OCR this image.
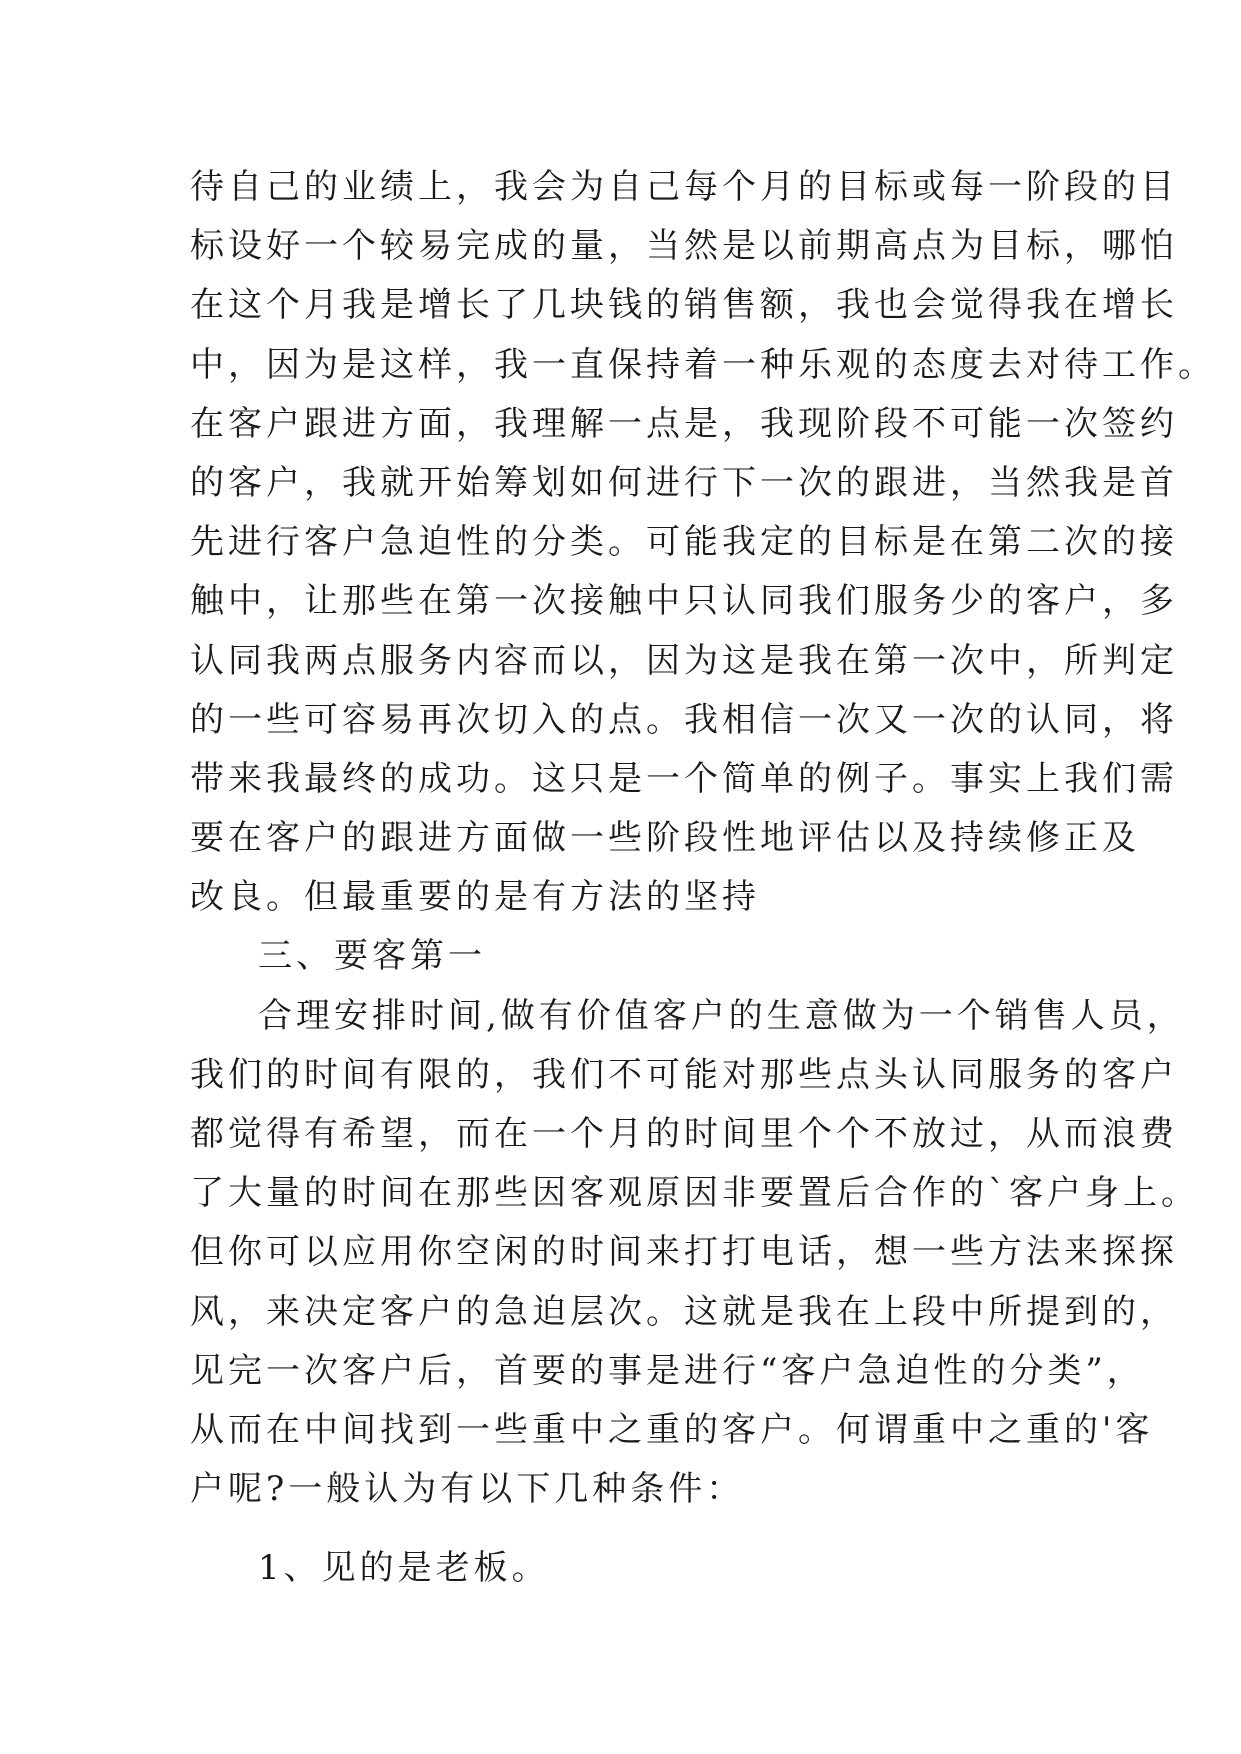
待自己的业绩上，我会为自己每个月的目标或每一阶段的目
标设好一个较易完成的量，当然是以前期高点为目标，哪怕
在这个月我是增长了几块钱的销售额，我也会觉得我在增长
中，因为是这样，我一直保持着一种乐观的态度去对待工作。
在客户跟进方面，我理解一点是，我现阶段不可能一次签约
的客户，我就开始筹划如何进行下一次的跟进，当然我是首
先进行客户急迫性的分类。可能我定的目标是在第二次的接
触中，让那些在第一次接触中只认同我们服务少的客户，多
认同我两点服务内容而以，因为这是我在第一次中，所判定
的一些可容易再次切入的点。我相信一次又一次的认同，将
带来我最终的成功。这只是一个简单的例子。事实上我们需
要在客户的跟进方面做一些阶段性地评估以及持续修正及
改良。但最重要的是有方法的坚持
三、要客第一
合理安排时间,做有价值客户的生意做为一个销售人员，
我们的时间有限的，我们不可能对那些点头认同服务的客户
都觉得有希望，而在一个月的时间里个个不放过，从而浪费
了大量的时间在那些因客观原因非要置后合作的`客户身上。
但你可以应用你空闲的时间来打打电话，想一些方法来探探
风，来决定客户的急迫层次。这就是我在上段中所提到的，
见完一次客户后，首要的事是进行“客户急迫性的分类”，
从而在中间找到一些重中之重的客户。何谓重中之重的'客
户呢?一般认为有以下几种条件：
1、见的是老板。
